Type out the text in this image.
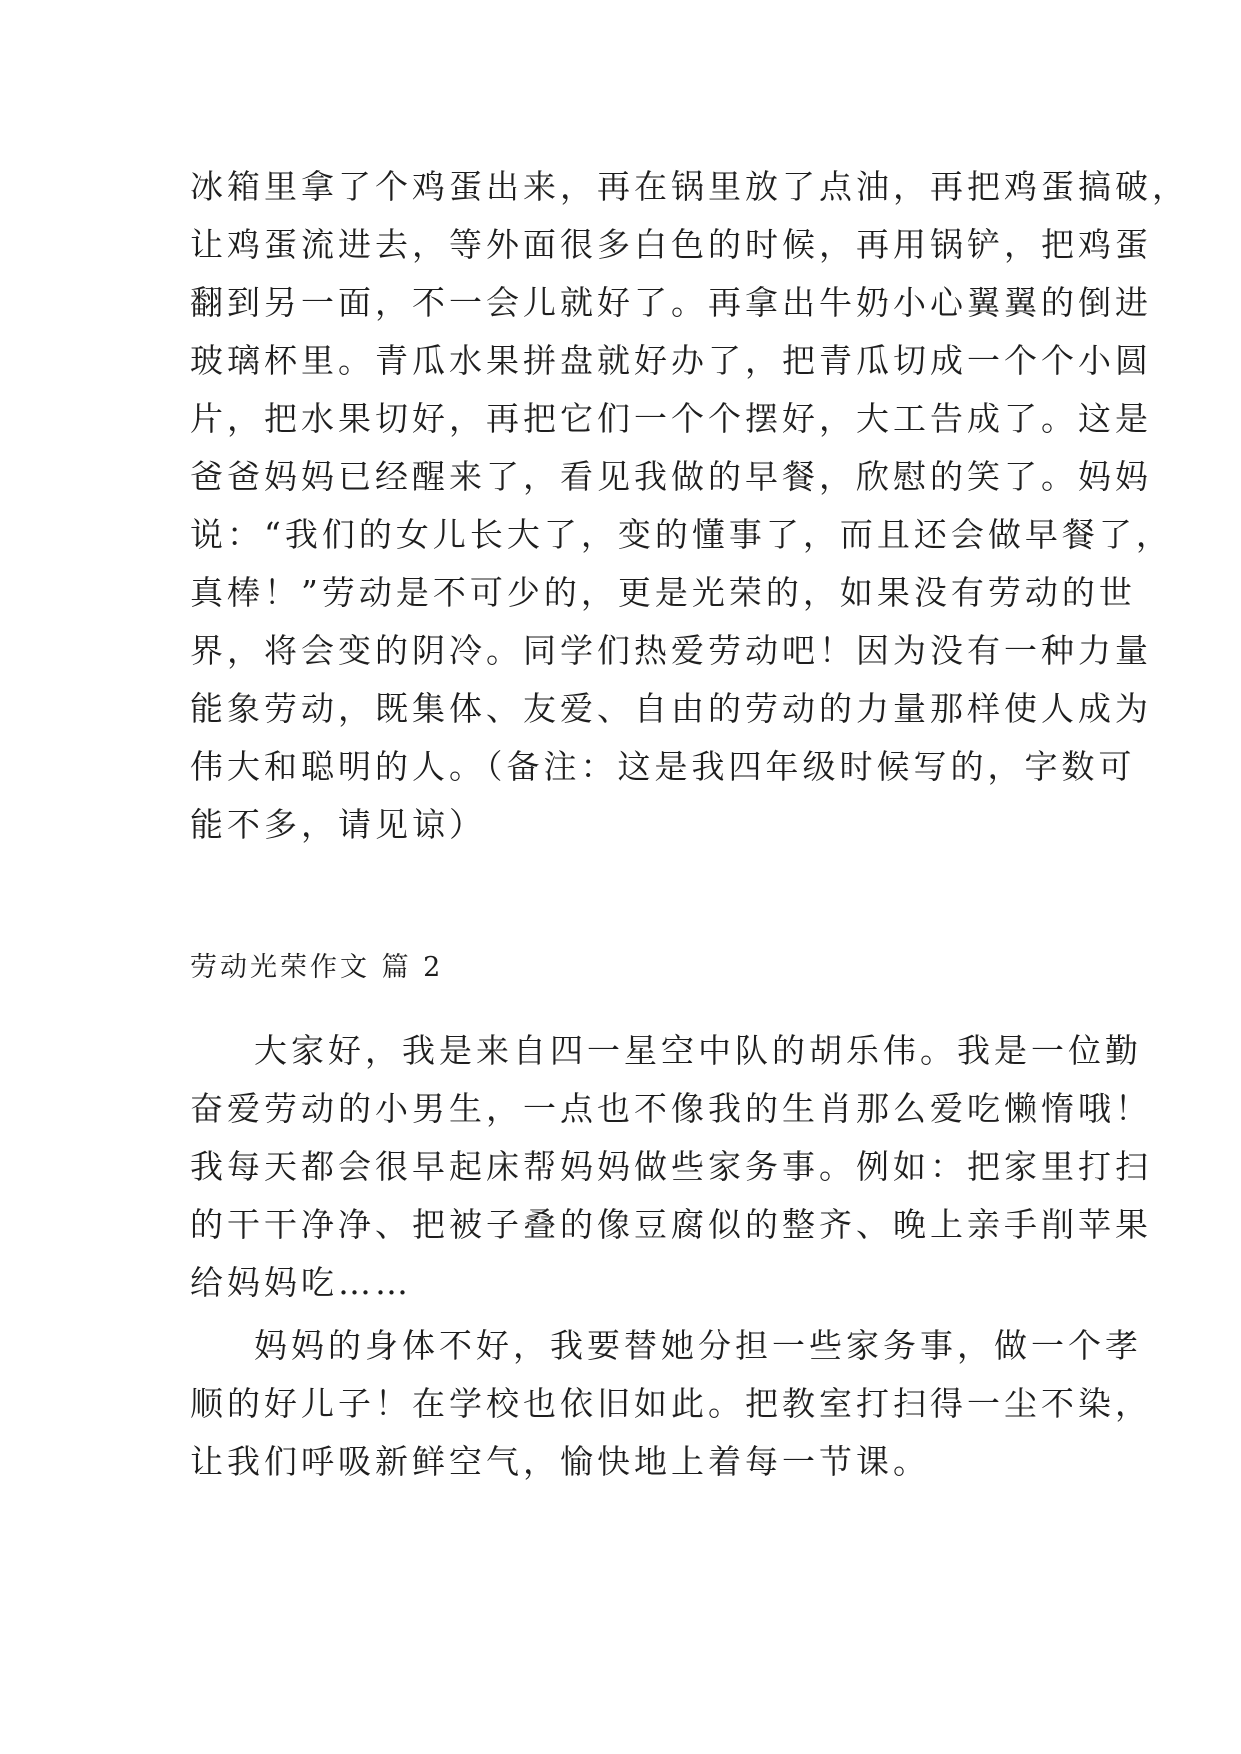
冰箱里拿了个鸡蛋出来，再在锅里放了点油，再把鸡蛋搞破，
让鸡蛋流进去，等外面很多白色的时候，再用锅铲，把鸡蛋
翻到另一面，不一会儿就好了。再拿出牛奶小心翼翼的倒进
玻璃杯里。青瓜水果拼盘就好办了，把青瓜切成一个个小圆
片，把水果切好，再把它们一个个摆好，大工告成了。这是
爸爸妈妈已经醒来了，看见我做的早餐，欣慰的笑了。妈妈
说：“我们的女儿长大了，变的懂事了，而且还会做早餐了，
真棒！”劳动是不可少的，更是光荣的，如果没有劳动的世
界，将会变的阴冷。同学们热爱劳动吧！因为没有一种力量
能象劳动，既集体、友爱、自由的劳动的力量那样使人成为
伟大和聪明的人。（备注：这是我四年级时候写的，字数可
能不多，请见谅）
劳动光荣作文 篇 2
大家好，我是来自四一星空中队的胡乐伟。我是一位勤
奋爱劳动的小男生，一点也不像我的生肖那么爱吃懒惰哦！
我每天都会很早起床帮妈妈做些家务事。例如：把家里打扫
的干干净净、把被子叠的像豆腐似的整齐、晚上亲手削苹果
给妈妈吃……
妈妈的身体不好，我要替她分担一些家务事，做一个孝
顺的好儿子！在学校也依旧如此。把教室打扫得一尘不染，
让我们呼吸新鲜空气，愉快地上着每一节课。
